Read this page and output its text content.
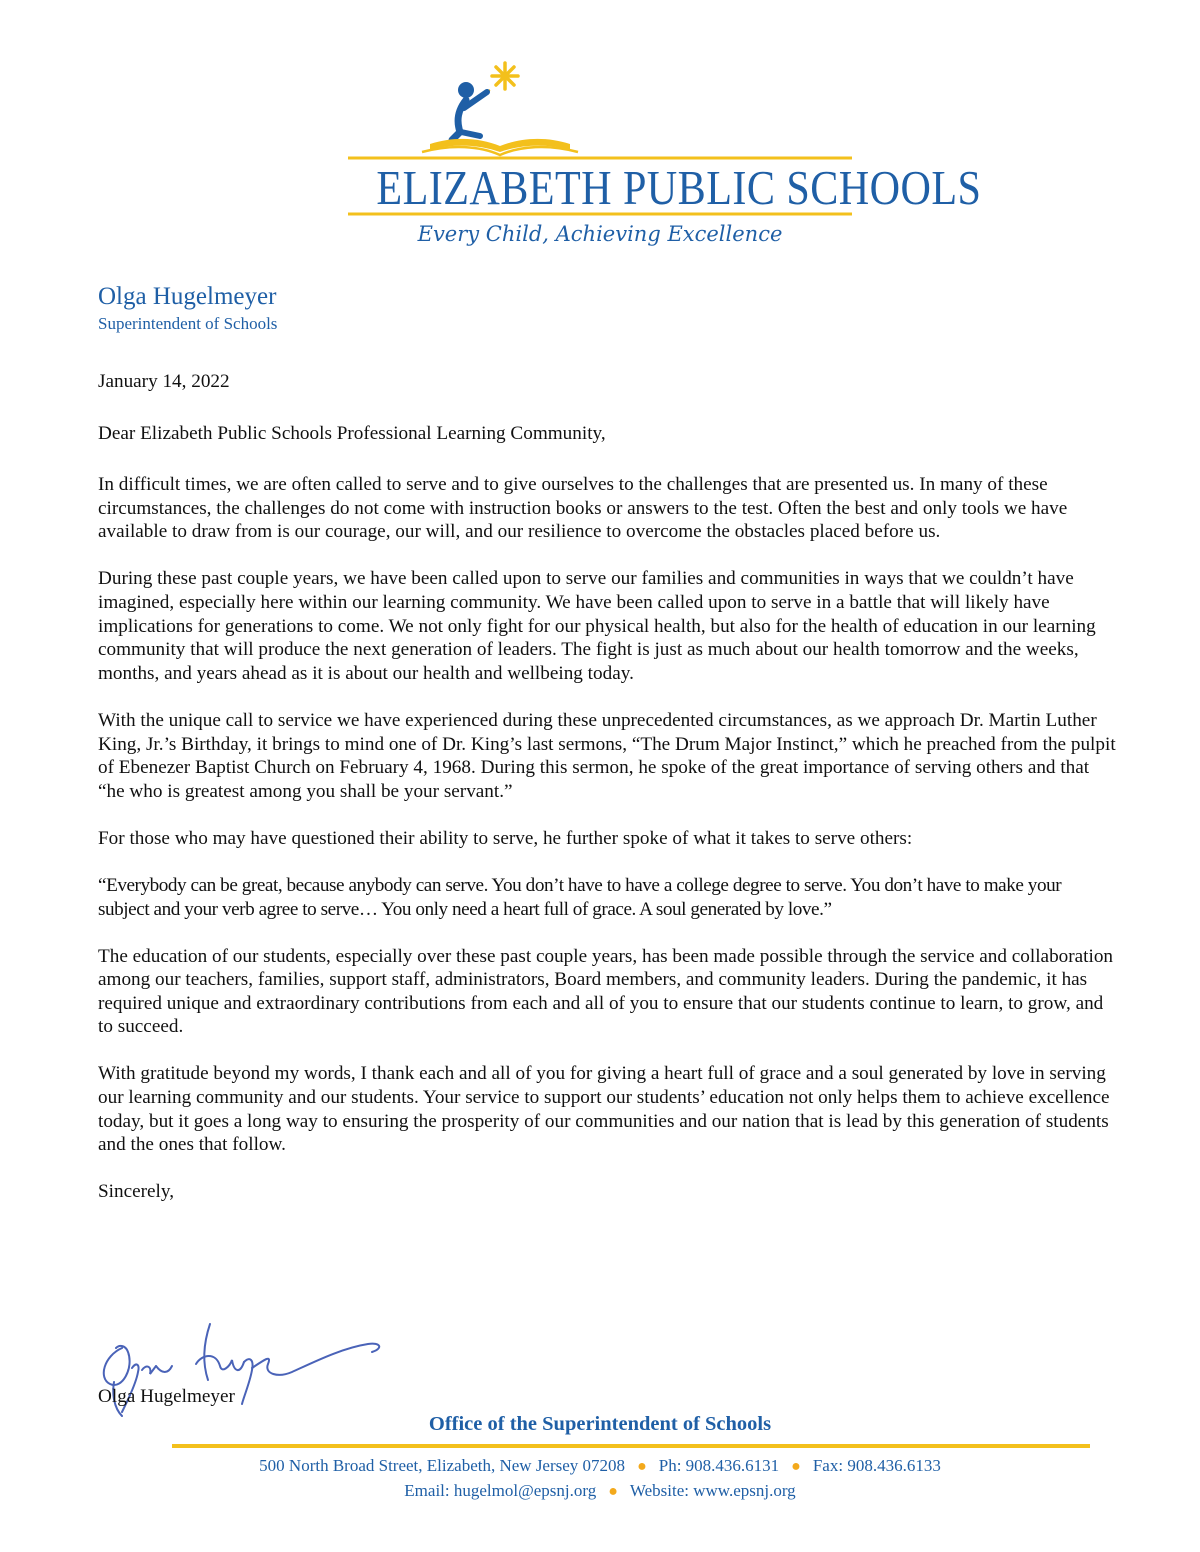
ELIZABETH PUBLIC SCHOOLS
Every Child, Achieving Excellence
Olga Hugelmeyer
Superintendent of Schools

January 14, 2022

Dear Elizabeth Public Schools Professional Learning Community,

In difficult times, we are often called to serve and to give ourselves to the challenges that are presented us. In many of these circumstances, the challenges do not come with instruction books or answers to the test. Often the best and only tools we have available to draw from is our courage, our will, and our resilience to overcome the obstacles placed before us.

During these past couple years, we have been called upon to serve our families and communities in ways that we couldn’t have imagined, especially here within our learning community. We have been called upon to serve in a battle that will likely have implications for generations to come. We not only fight for our physical health, but also for the health of education in our learning community that will produce the next generation of leaders. The fight is just as much about our health tomorrow and the weeks, months, and years ahead as it is about our health and wellbeing today.

With the unique call to service we have experienced during these unprecedented circumstances, as we approach Dr. Martin Luther King, Jr.’s Birthday, it brings to mind one of Dr. King’s last sermons, “The Drum Major Instinct,” which he preached from the pulpit of Ebenezer Baptist Church on February 4, 1968. During this sermon, he spoke of the great importance of serving others and that “he who is greatest among you shall be your servant.”

For those who may have questioned their ability to serve, he further spoke of what it takes to serve others:

“Everybody can be great, because anybody can serve. You don’t have to have a college degree to serve. You don’t have to make your subject and your verb agree to serve… You only need a heart full of grace. A soul generated by love.”

The education of our students, especially over these past couple years, has been made possible through the service and collaboration among our teachers, families, support staff, administrators, Board members, and community leaders. During the pandemic, it has required unique and extraordinary contributions from each and all of you to ensure that our students continue to learn, to grow, and to succeed.

With gratitude beyond my words, I thank each and all of you for giving a heart full of grace and a soul generated by love in serving our learning community and our students. Your service to support our students’ education not only helps them to achieve excellence today, but it goes a long way to ensuring the prosperity of our communities and our nation that is lead by this generation of students and the ones that follow.

Sincerely,

Olga Hugelmeyer
Office of the Superintendent of Schools
500 North Broad Street, Elizabeth, New Jersey 07208 ● Ph: 908.436.6131 ● Fax: 908.436.6133
Email: hugelmol@epsnj.org ● Website: www.epsnj.org
